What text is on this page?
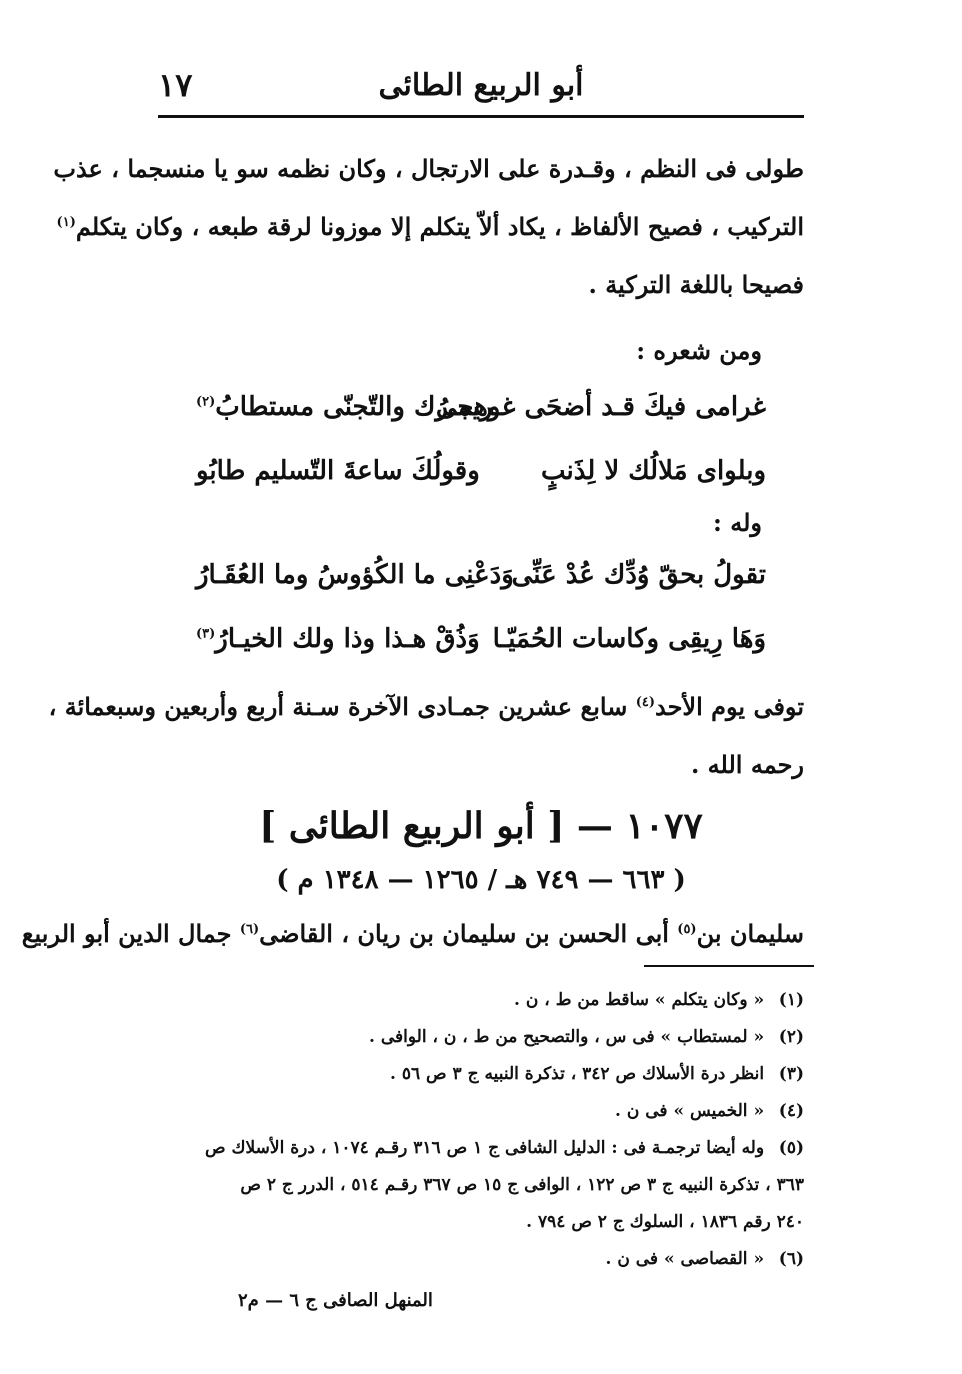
أبو الربيع الطائى
١٧
طولى فى النظم ، وقـدرة على الارتجال ، وكان نظمه سو يا منسجما ، عذب
التركيب ، فصيح الألفاظ ، يكاد ألاّ يتكلم إلا موزونا لرقة طبعه ، وكان يتكلم$^{(١)}$
فصيحا باللغة التركية .
ومن شعره :
غرامى فيكَ قـد أضحَى غـريمى
وهجـرُك والتّجنّى مستطابُ$^{(٢)}$
وبلواى مَلالُك لا لِذَنبٍ
وقولُكَ ساعةَ التّسليم طابُو
وله :
تقولُ بحقّ وُدِّك عُدْ عَنِّى
وَدَعْنِى ما الكُؤوسُ وما العُقَـارُ
وَهَا رِيقِى وكاسات الحُمَيّـا
وَذُقْ هـذا وذا ولك الخيـارُ$^{(٣)}$
توفى يوم الأحد$^{(٤)}$ سابع عشرين جمـادى الآخرة سـنة أربع وأربعين وسبعمائة ،
رحمه الله .
١٠٧٧ — [ أبو الربيع الطائى ]
( ٦٦٣ — ٧٤٩ هـ / ١٢٦٥ — ١٣٤٨ م )
سليمان بن$^{(٥)}$ أبى الحسن بن سليمان بن ريان ، القاضى$^{(٦)}$ جمال الدين أبو الربيع
(١) « وكان يتكلم » ساقط من ط ، ن .
(٢) « لمستطاب » فى س ، والتصحيح من ط ، ن ، الوافى .
(٣) انظر درة الأسلاك ص ٣٤٢ ، تذكرة النبيه ج ٣ ص ٥٦ .
(٤) « الخميس » فى ن .
(٥) وله أيضا ترجمـة فى : الدليل الشافى ج ١ ص ٣١٦ رقـم ١٠٧٤ ، درة الأسلاك ص
٣٦٣ ، تذكرة النبيه ج ٣ ص ١٢٢ ، الوافى ج ١٥ ص ٣٦٧ رقـم ٥١٤ ، الدرر ج ٢ ص
٢٤٠ رقم ١٨٣٦ ، السلوك ج ٢ ص ٧٩٤ .
(٦) « القصاصى » فى ن .
المنهل الصافى ج ٦ — م٢
